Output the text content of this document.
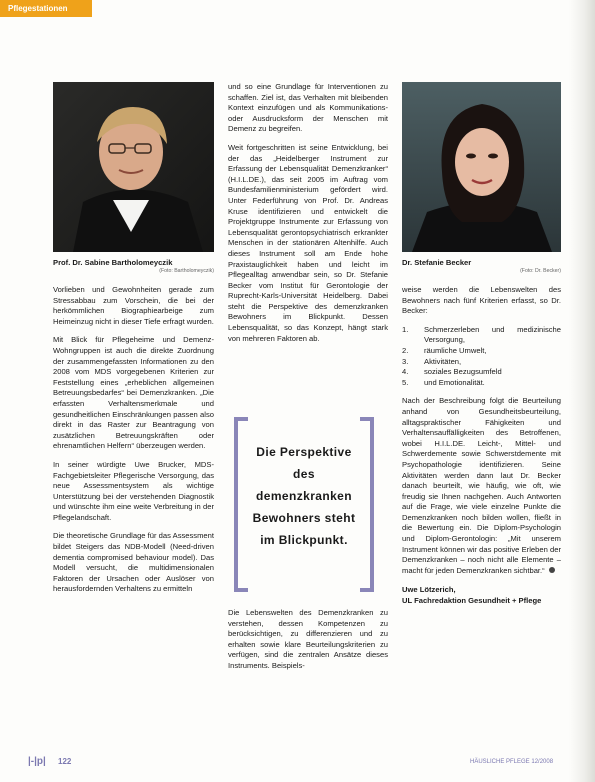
Pflegestationen
Prof. Dr. Sabine Bartholomeyczik
(Foto: Bartholomeyczik)
Dr. Stefanie Becker
(Foto: Dr. Becker)

Vorlieben und Gewohnheiten gerade zum Stressabbau zum Vorschein, die bei der herkömmlichen Biographiearbeige zum Heimeinzug nicht in dieser Tiefe erfragt wurden.

Mit Blick für Pflegeheime und Demenz-Wohngruppen ist auch die direkte Zuordnung der zusammengefassten Informationen zu den 2008 vom MDS vorgegebenen Kriterien zur Feststellung eines „erheblichen allgemeinen Betreuungsbedarfes“ bei Demenzkranken. „Die erfassten Verhaltensmerkmale und gesundheitlichen Einschränkungen passen also direkt in das Raster zur Beantragung von zusätzlichen Betreuungskräften oder ehrenamtlichen Helfern“ überzeugen werden.

In seiner würdigte Uwe Brucker, MDS-Fachgebietsleiter Pflegerische Versorgung, das neue Assessmentsystem als wichtige Unterstützung bei der verstehenden Diagnostik und wünschte ihm eine weite Verbreitung in der Pflegelandschaft.

Die theoretische Grundlage für das Assessment bildet Steigers das NDB-Modell (Need-driven dementia compromised behaviour model). Das Modell versucht, die multidimensionalen Faktoren der Ursachen oder Auslöser von herausfordernden Verhaltens zu ermitteln

und so eine Grundlage für Interventionen zu schaffen. Ziel ist, das Verhalten mit bleibenden Kontext einzufügen und als Kommunikations- oder Ausdrucksform der Menschen mit Demenz zu begreifen.

Weit fortgeschritten ist seine Entwicklung, bei der das „Heidelberger Instrument zur Erfassung der Lebensqualität Demenzkranker“ (H.I.L.DE.), das seit 2005 im Auftrag vom Bundesfamilienministerium gefördert wird. Unter Federführung von Prof. Dr. Andreas Kruse identifizieren und entwickelt die Projektgruppe Instrumente zur Erfassung von Lebensqualität gerontopsychiatrisch erkrankter Menschen in der stationären Altenhilfe. Auch dieses Instrument soll am Ende hohe Praxistauglichkeit haben und leicht im Pflegealltag anwendbar sein, so Dr. Stefanie Becker vom Institut für Gerontologie der Ruprecht-Karls-Universität Heidelberg. Dabei steht die Perspektive des demenzkranken Bewohners im Blickpunkt. Dessen Lebensqualität, so das Konzept, hängt stark von mehreren Faktoren ab.

Die Perspektive des demenzkranken Bewohners steht im Blickpunkt.

Die Lebenswelten des Demenzkranken zu verstehen, dessen Kompetenzen zu berücksichtigen, zu differenzieren und zu erhalten sowie klare Beurteilungskriterien zu verfügen, sind die zentralen Ansätze dieses Instruments. Beispiels-

weise werden die Lebenswelten des Bewohners nach fünf Kriterien erfasst, so Dr. Becker:

1. Schmerzerleben und medizinische Versorgung,
2. räumliche Umwelt,
3. Aktivitäten,
4. soziales Bezugsumfeld
5. und Emotionalität.

Nach der Beschreibung folgt die Beurteilung anhand von Gesundheitsbeurteilung, alltagspraktischer Fähigkeiten und Verhaltensauffälligkeiten des Betroffenen, wobei H.I.L.DE. Leicht-, Mittel- und Schwerdemente sowie Schwerstdemente mit Psychopathologie identifizieren. Seine Aktivitäten werden dann laut Dr. Becker danach beurteilt, wie häufig, wie oft, wie freudig sie Ihnen nachgehen. Auch Antworten auf die Frage, wie viele einzelne Punkte die Demenzkranken noch bilden wollen, fließt in die Bewertung ein. Die Diplom-Psychologin und Diplom-Gerontologin: „Mit unserem Instrument können wir das positive Erleben der Demenzkranken – noch nicht alle Elemente – macht für jeden Demenzkranken sichtbar.“

Uwe Lötzerich,
UL Fachredaktion Gesundheit + Pflege
|-|p| 122	HÄUSLICHE PFLEGE 12/2008
